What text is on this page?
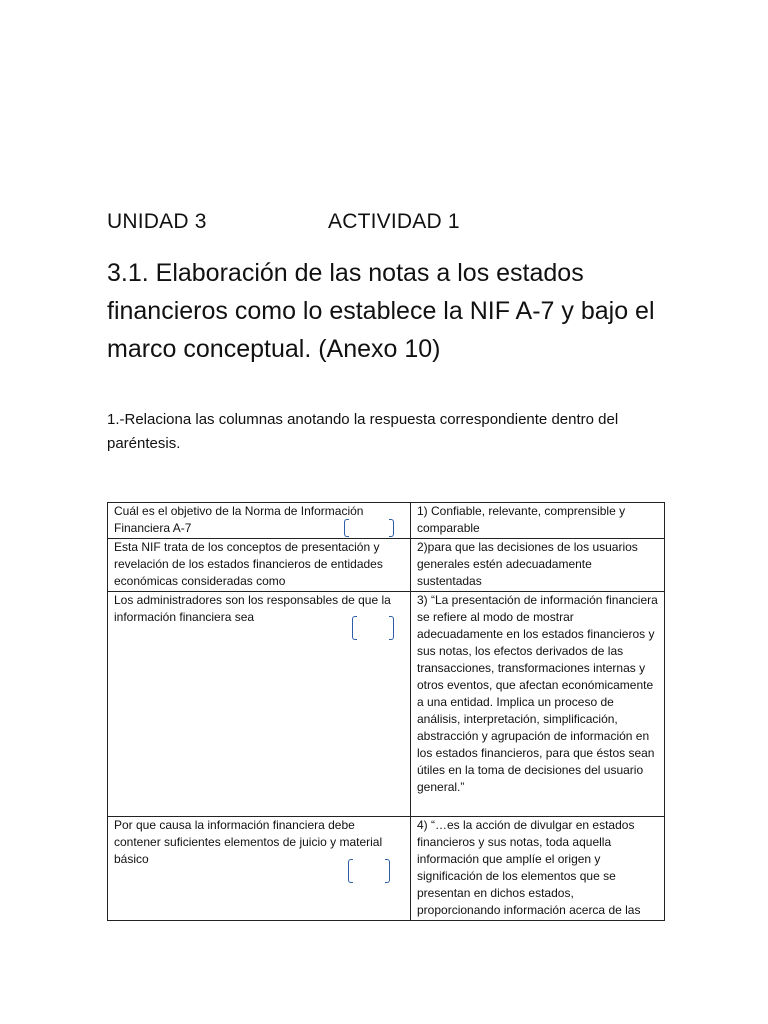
UNIDAD 3	ACTIVIDAD 1
3.1. Elaboración de las notas a los estados financieros como lo establece la NIF A-7 y bajo el marco conceptual. (Anexo 10)
1.-Relaciona las columnas anotando la respuesta correspondiente dentro del paréntesis.
Cuál es el objetivo de la Norma de Información Financiera A-7	1) Confiable, relevante, comprensible y comparable
Esta NIF trata de los conceptos de presentación y revelación de los estados financieros de entidades económicas consideradas como	2)para que las decisiones de los usuarios generales estén adecuadamente sustentadas
Los administradores son los responsables de que la información financiera sea	3) “La presentación de información financiera se refiere al modo de mostrar adecuadamente en los estados financieros y sus notas, los efectos derivados de las transacciones, transformaciones internas y otros eventos, que afectan económicamente a una entidad. Implica un proceso de análisis, interpretación, simplificación, abstracción y agrupación de información en los estados financieros, para que éstos sean útiles en la toma de decisiones del usuario general.”
Por que causa la información financiera debe contener suficientes elementos de juicio y material básico	4) “…es la acción de divulgar en estados financieros y sus notas, toda aquella información que amplíe el origen y significación de los elementos que se presentan en dichos estados, proporcionando información acerca de las
